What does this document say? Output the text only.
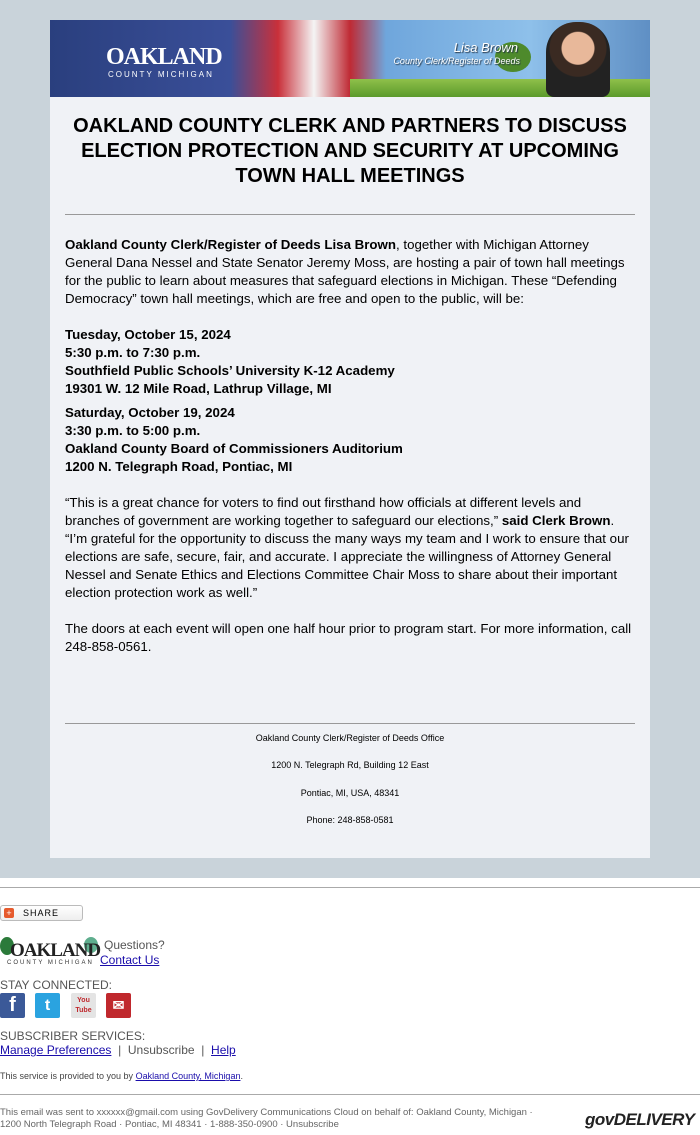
OAKLAND
COUNTY MICHIGAN
Lisa Brown
County Clerk/Register of Deeds
OAKLAND COUNTY CLERK AND PARTNERS TO DISCUSS ELECTION PROTECTION AND SECURITY AT UPCOMING TOWN HALL MEETINGS

Oakland County Clerk/Register of Deeds Lisa Brown, together with Michigan Attorney General Dana Nessel and State Senator Jeremy Moss, are hosting a pair of town hall meetings for the public to learn about measures that safeguard elections in Michigan. These “Defending Democracy” town hall meetings, which are free and open to the public, will be:

Tuesday, October 15, 2024
5:30 p.m. to 7:30 p.m.
Southfield Public Schools’ University K-12 Academy
19301 W. 12 Mile Road, Lathrup Village, MI
Saturday, October 19, 2024
3:30 p.m. to 5:00 p.m.
Oakland County Board of Commissioners Auditorium
1200 N. Telegraph Road, Pontiac, MI

“This is a great chance for voters to find out firsthand how officials at different levels and branches of government are working together to safeguard our elections,” said Clerk Brown. “I’m grateful for the opportunity to discuss the many ways my team and I work to ensure that our elections are safe, secure, fair, and accurate. I appreciate the willingness of Attorney General Nessel and Senate Ethics and Elections Committee Chair Moss to share about their important election protection work as well.”

The doors at each event will open one half hour prior to program start. For more information, call 248-858-0561.

Oakland County Clerk/Register of Deeds Office
1200 N. Telegraph Rd, Building 12 East
Pontiac, MI, USA, 48341
Phone: 248-858-0581
+ SHARE
OAKLAND
COUNTY MICHIGAN
Questions?
Contact Us
STAY CONNECTED:
f	t	You Tube	✉
SUBSCRIBER SERVICES:
Manage Preferences | Unsubscribe | Help
This service is provided to you by Oakland County, Michigan.
This email was sent to xxxxxx@gmail.com using GovDelivery Communications Cloud on behalf of: Oakland County, Michigan ·
1200 North Telegraph Road · Pontiac, MI 48341 · 1-888-350-0900 · Unsubscribe	govDELIVERY
